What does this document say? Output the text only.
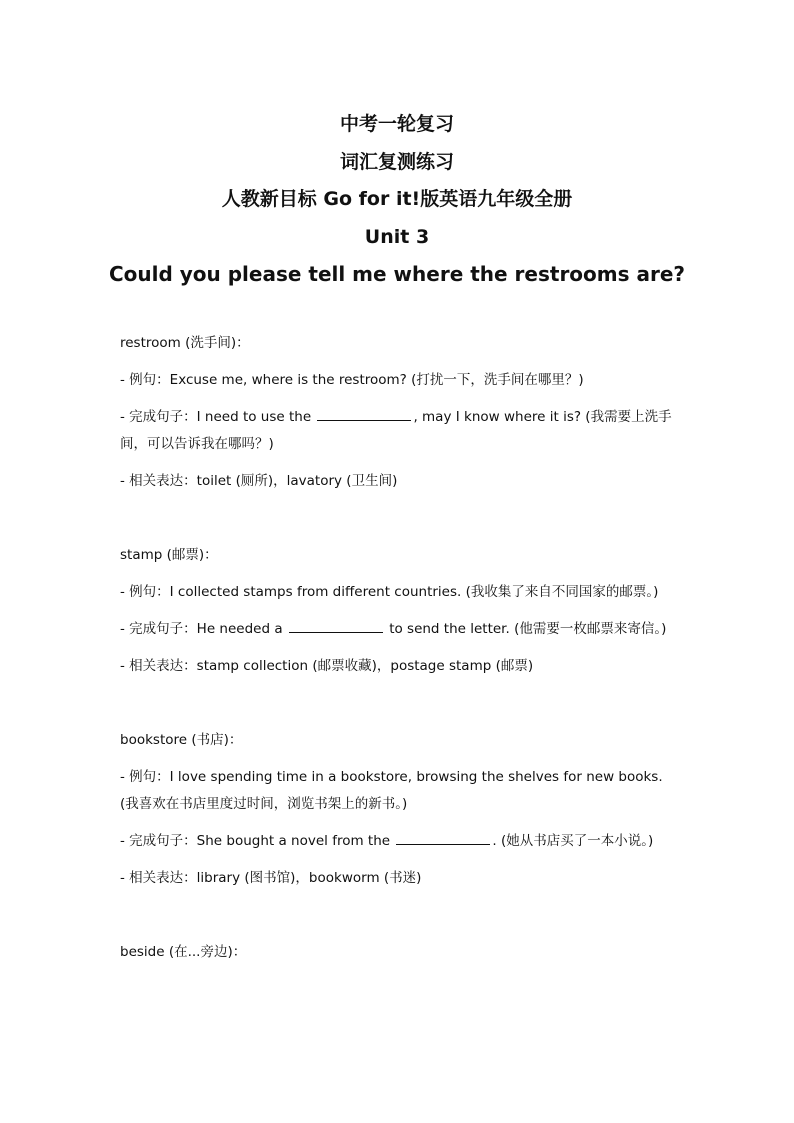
中考一轮复习
词汇复测练习
人教新目标 Go for it!版英语九年级全册
Unit 3
Could you please tell me where the restrooms are?
restroom (洗手间)：
- 例句：Excuse me, where is the restroom? (打扰一下，洗手间在哪里？)
- 完成句子：I need to use the	, may I know where it is? (我需要上洗手间，可以告诉我在哪吗？)
- 相关表达：toilet (厕所)，lavatory (卫生间)
stamp (邮票)：
- 例句：I collected stamps from different countries. (我收集了来自不同国家的邮票。)
- 完成句子：He needed a	to send the letter. (他需要一枚邮票来寄信。)
- 相关表达：stamp collection (邮票收藏)，postage stamp (邮票)
bookstore (书店)：
- 例句：I love spending time in a bookstore, browsing the shelves for new books. (我喜欢在书店里度过时间，浏览书架上的新书。)
- 完成句子：She bought a novel from the	. (她从书店买了一本小说。)
- 相关表达：library (图书馆)，bookworm (书迷)
beside (在...旁边)：
